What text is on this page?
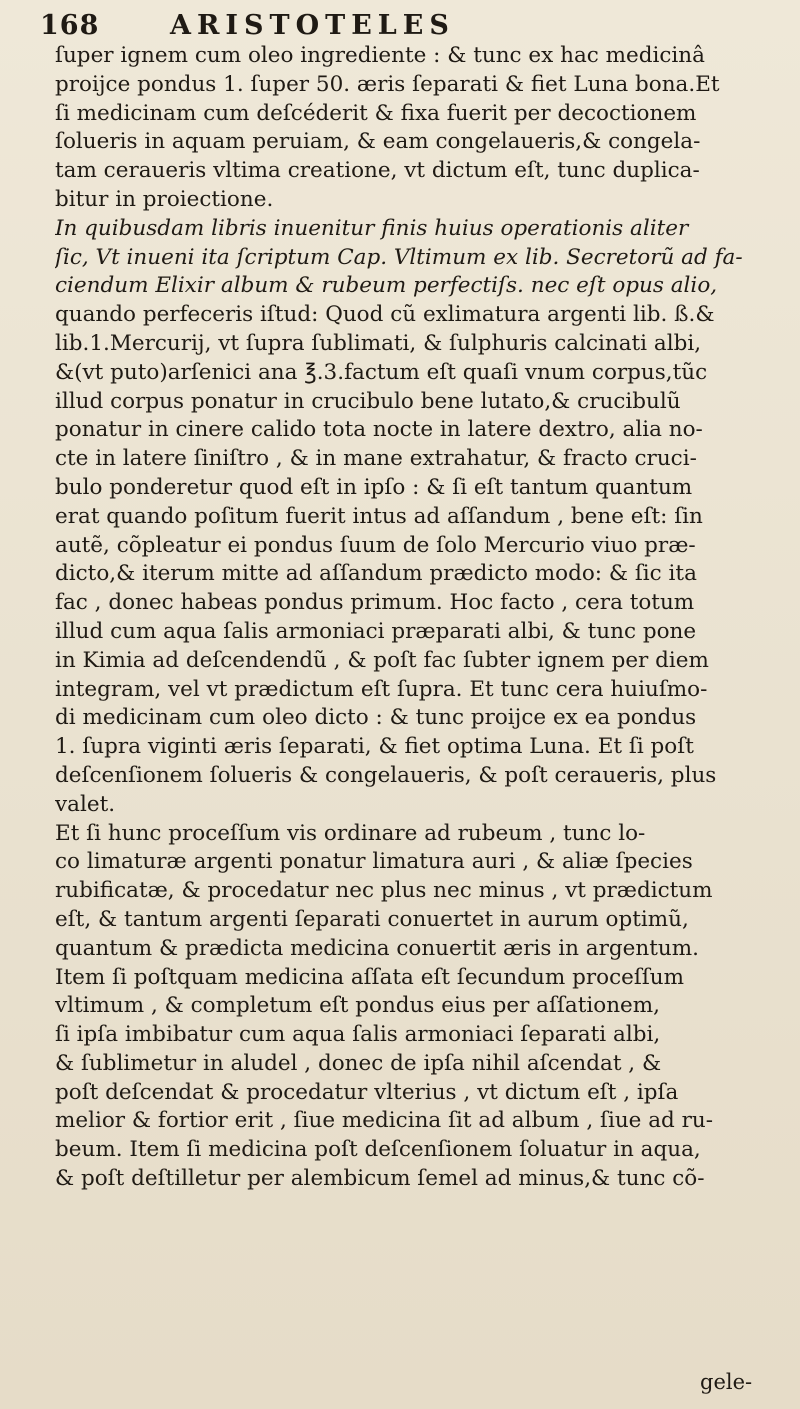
168	ARISTOTELES
ſuper ignem cum oleo ingrediente : & tunc ex hac medicinâ
proijce pondus 1. ſuper 50. æris ſeparati & fiet Luna bona.Et
ſi medicinam cum deſcéderit & fixa fuerit per decoctionem
ſolueris in aquam peruiam, & eam congelaueris,& congela-
tam ceraueris vltima creatione, vt dictum eſt, tunc duplica-
bitur in proiectione.
In quibusdam libris inuenitur finis huius operationis aliter
ſic, Vt inueni ita ſcriptum Cap. Vltimum ex lib. Secretorũ ad fa-
ciendum Elixir album & rubeum perfectiſs. nec eſt opus alio,
quando perfeceris iſtud: Quod cũ exlimatura argenti lib. ß.&
lib.1.Mercurij, vt ſupra ſublimati, & ſulphuris calcinati albi,
&(vt puto)arſenici ana ℥.3.factum eſt quaſi vnum corpus,tũc
illud corpus ponatur in crucibulo bene lutato,& crucibulũ
ponatur in cinere calido tota nocte in latere dextro, alia no-
cte in latere ſiniſtro , & in mane extrahatur, & fracto cruci-
bulo ponderetur quod eſt in ipſo : & ſi eſt tantum quantum
erat quando poſitum fuerit intus ad aſſandum , bene eſt: ſin
autẽ, cõpleatur ei pondus ſuum de ſolo Mercurio viuo præ-
dicto,& iterum mitte ad aſſandum prædicto modo: & ſic ita
fac , donec habeas pondus primum. Hoc facto , cera totum
illud cum aqua ſalis armoniaci præparati albi, & tunc pone
in Kimia ad deſcendendũ , & poſt fac ſubter ignem per diem
integram, vel vt prædictum eſt ſupra. Et tunc cera huiuſmo-
di medicinam cum oleo dicto : & tunc proijce ex ea pondus
1. ſupra viginti æris ſeparati, & fiet optima Luna. Et ſi poſt
deſcenſionem ſolueris & congelaueris, & poſt ceraueris, plus
valet.
Et ſi hunc proceſſum vis ordinare ad rubeum , tunc lo-
co limaturæ argenti ponatur limatura auri , & aliæ ſpecies
rubificatæ, & procedatur nec plus nec minus , vt prædictum
eſt, & tantum argenti ſeparati conuertet in aurum optimũ,
quantum & prædicta medicina conuertit æris in argentum.
Item ſi poſtquam medicina aſſata eſt ſecundum proceſſum
vltimum , & completum eſt pondus eius per aſſationem,
ſi ipſa imbibatur cum aqua ſalis armoniaci ſeparati albi,
& ſublimetur in aludel , donec de ipſa nihil aſcendat , &
poſt deſcendat & procedatur vlterius , vt dictum eſt , ipſa
melior & fortior erit , ſiue medicina ſit ad album , ſiue ad ru-
beum. Item ſi medicina poſt deſcenſionem ſoluatur in aqua,
& poſt deſtilletur per alembicum ſemel ad minus,& tunc cõ-
gele-
